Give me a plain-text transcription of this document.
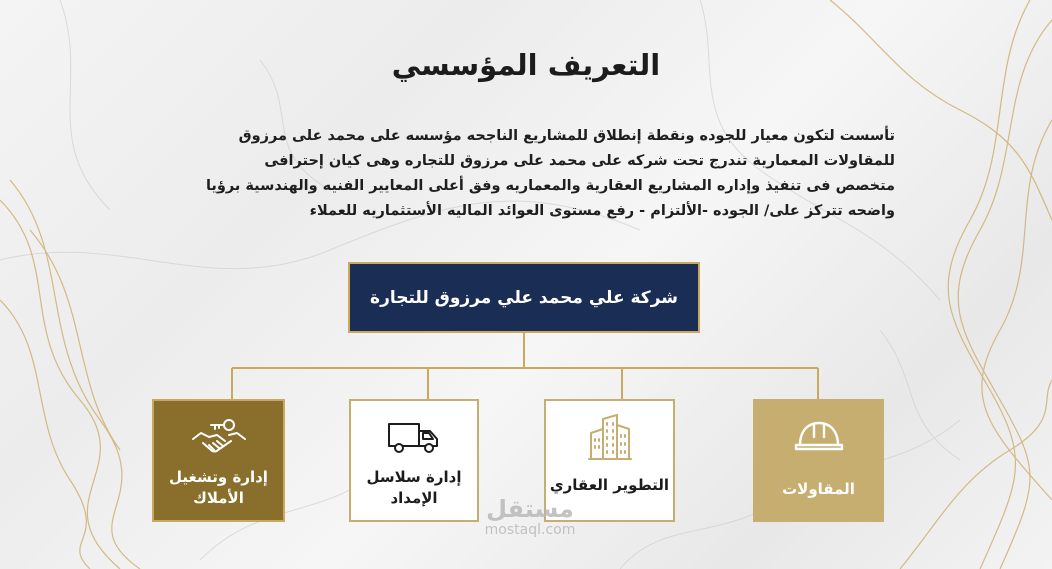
التعريف المؤسسي
تأسست لتكون معيار للجوده ونقطة إنطلاق للمشاريع الناجحه مؤسسه على محمد على مرزوق
للمقاولات المعمارية تندرج تحت شركه على محمد على مرزوق للتجاره وهى كيان إحترافى
متخصص فى تنفيذ وإداره المشاريع العقارية والمعماريه وفق أعلى المعايير الفنيه والهندسية برؤيا
واضحه تتركز على/ الجوده -الألتزام - رفع مستوى العوائد الماليه الأستثماريه للعملاء
شركة علي محمد علي مرزوق للتجارة
المقاولات
التطوير العقاري
إدارة سلاسل الإمداد
إدارة وتشغيل الأملاك	مستقل
mostaql.com
